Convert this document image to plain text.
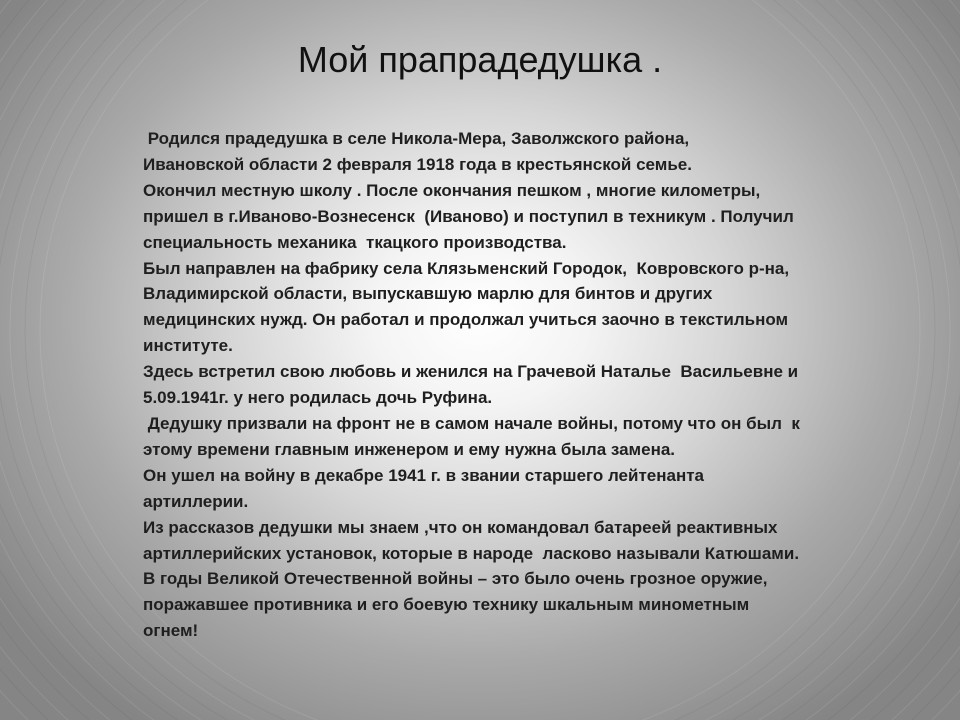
Мой прапрадедушка .
Родился прадедушка в селе Никола-Мера, Заволжского района,
Ивановской области 2 февраля 1918 года в крестьянской семье.
Окончил местную школу . После окончания пешком , многие километры,
пришел в г.Иваново-Вознесенск  (Иваново) и поступил в техникум . Получил
специальность механика  ткацкого производства.
Был направлен на фабрику села Клязьменский Городок,  Ковровского р-на,
Владимирской области, выпускавшую марлю для бинтов и других
медицинских нужд. Он работал и продолжал учиться заочно в текстильном
институте.
Здесь встретил свою любовь и женился на Грачевой Наталье  Васильевне и
5.09.1941г. у него родилась дочь Руфина.
Дедушку призвали на фронт не в самом начале войны, потому что он был  к
этому времени главным инженером и ему нужна была замена.
Он ушел на войну в декабре 1941 г. в звании старшего лейтенанта
артиллерии.
Из рассказов дедушки мы знаем ,что он командовал батареей реактивных
артиллерийских установок, которые в народе  ласково называли Катюшами.
В годы Великой Отечественной войны – это было очень грозное оружие,
поражавшее противника и его боевую технику шкальным минометным
огнем!
